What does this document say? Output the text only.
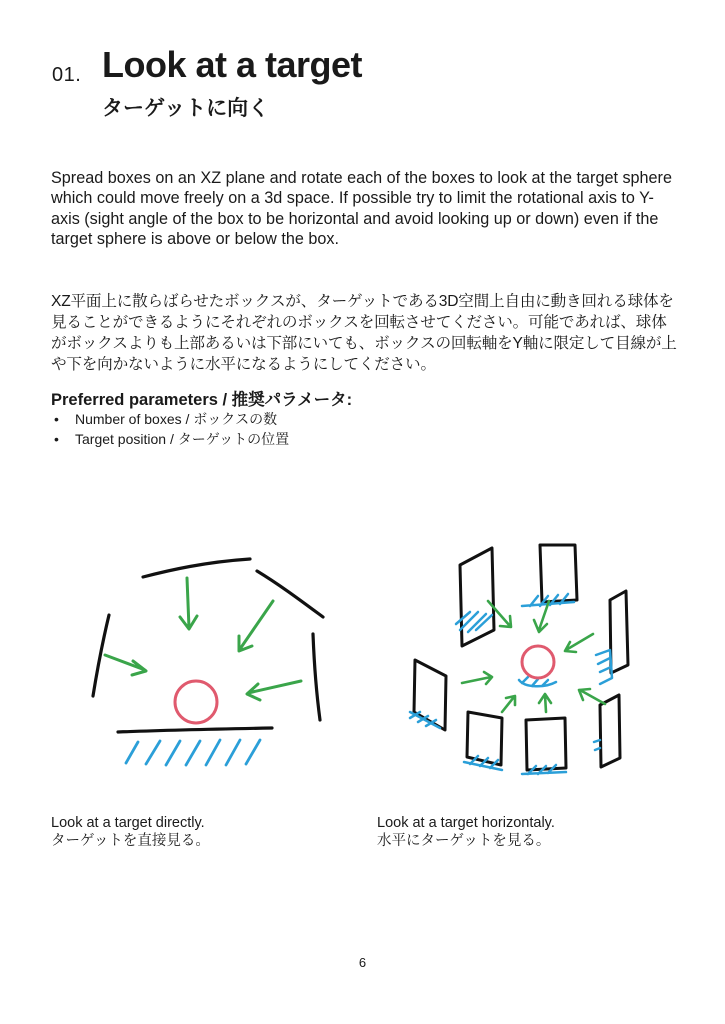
01. Look at a target
ターゲットに向く
Spread boxes on an XZ plane and rotate each of the boxes to look at the target sphere which could move freely on a 3d space. If possible try to limit the rotational axis to Y-axis (sight angle of the box to be horizontal and avoid looking up or down) even if the target sphere is above or below the box.
XZ平面上に散らばらせたボックスが、ターゲットである3D空間上自由に動き回れる球体を見ることができるようにそれぞれのボックスを回転させてください。可能であれば、球体がボックスよりも上部あるいは下部にいても、ボックスの回転軸をY軸に限定して目線が上や下を向かないように水平になるようにしてください。
Preferred parameters / 推奨パラメータ:
• Number of boxes / ボックスの数
• Target position / ターゲットの位置
Look at a target directly.
ターゲットを直接見る。
Look at a target horizontaly.
水平にターゲットを見る。
6
